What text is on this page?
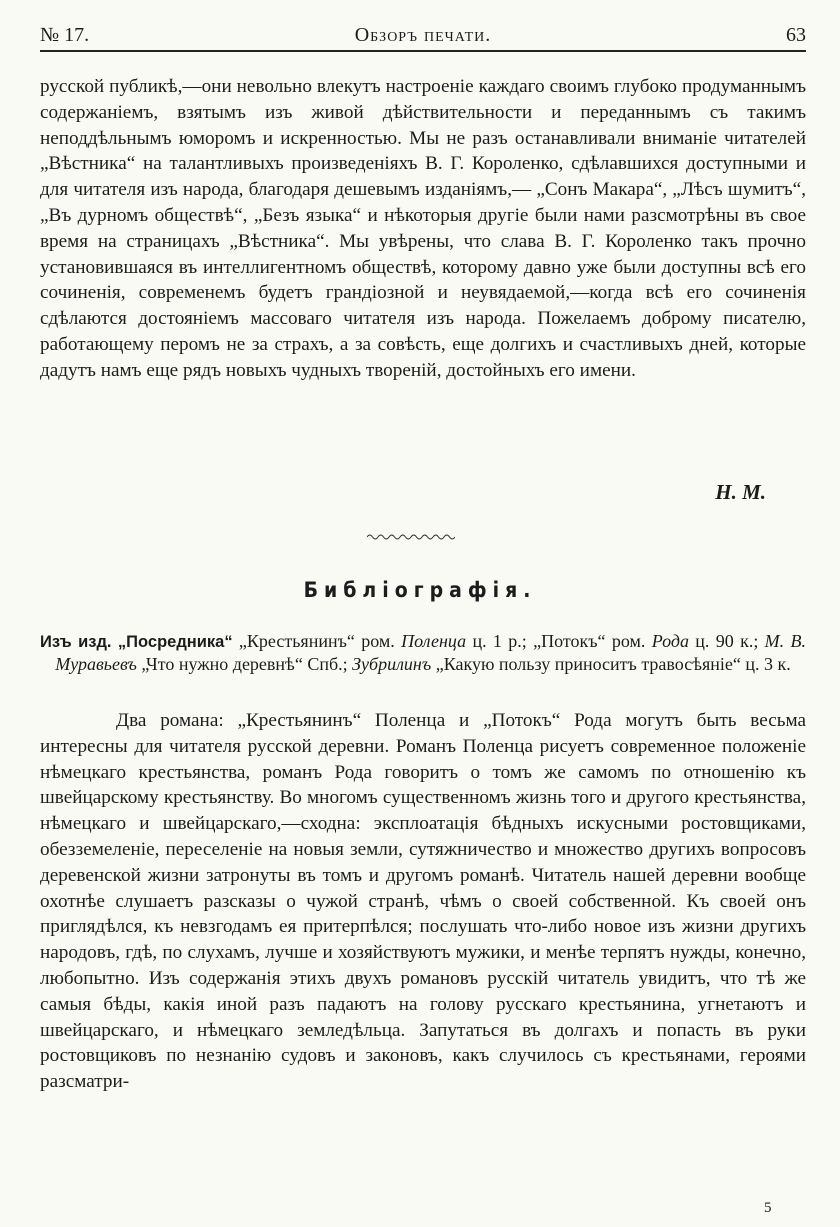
№ 17.	Обзоръ печати.	63

русской публикѣ,—они невольно влекутъ настроеніе каждаго своимъ глубоко продуманнымъ содержаніемъ, взятымъ изъ живой дѣйствительности и переданнымъ съ такимъ неподдѣльнымъ юморомъ и искренностью. Мы не разъ останавливали вниманіе читателей „Вѣстника“ на талантливыхъ произведеніяхъ В. Г. Короленко, сдѣлавшихся доступными и для читателя изъ народа, благодаря дешевымъ изданіямъ,— „Сонъ Макара“, „Лѣсъ шумитъ“, „Въ дурномъ обществѣ“, „Безъ языка“ и нѣкоторыя другіе были нами разсмотрѣны въ свое время на страницахъ „Вѣстника“. Мы увѣрены, что слава В. Г. Короленко такъ прочно установившаяся въ интеллигентномъ обществѣ, которому давно уже были доступны всѣ его сочиненія, современемъ будетъ грандіозной и неувядаемой,—когда всѣ его сочиненія сдѣлаются достояніемъ массоваго читателя изъ народа. Пожелаемъ доброму писателю, работающему перомъ не за страхъ, а за совѣсть, еще долгихъ и счастливыхъ дней, которые дадутъ намъ еще рядъ новыхъ чудныхъ твореній, достойныхъ его имени.

Н. М.
Библіографія.

Изъ изд. „Посредника“ „Крестьянинъ“ ром. Поленца ц. 1 р.; „Потокъ“ ром. Рода ц. 90 к.; М. В. Муравьевъ „Что нужно деревнѣ“ Спб.; Зубрилинъ „Какую пользу приноситъ травосѣяніе“ ц. 3 к.

Два романа: „Крестьянинъ“ Поленца и „Потокъ“ Рода могутъ быть весьма интересны для читателя русской деревни. Романъ Поленца рисуетъ современное положеніе нѣмецкаго крестьянства, романъ Рода говоритъ о томъ же самомъ по отношенію къ швейцарскому крестьянству. Во многомъ существенномъ жизнь того и другого крестьянства, нѣмецкаго и швейцарскаго,—сходна: эксплоатація бѣдныхъ искусными ростовщиками, обезземеленіе, переселеніе на новыя земли, сутяжничество и множество другихъ вопросовъ деревенской жизни затронуты въ томъ и другомъ романѣ. Читатель нашей деревни вообще охотнѣе слушаетъ разсказы о чужой странѣ, чѣмъ о своей собственной. Къ своей онъ приглядѣлся, къ невзгодамъ ея притерпѣлся; послушать что-либо новое изъ жизни другихъ народовъ, гдѣ, по слухамъ, лучше и хозяйствуютъ мужики, и менѣе терпятъ нужды, конечно, любопытно. Изъ содержанія этихъ двухъ романовъ русскій читатель увидитъ, что тѣ же самыя бѣды, какія иной разъ падаютъ на голову русскаго крестьянина, угнетаютъ и швейцарскаго, и нѣмецкаго земледѣльца. Запутаться въ долгахъ и попасть въ руки ростовщиковъ по незнанію судовъ и законовъ, какъ случилось съ крестьянами, героями разсматри-

5
